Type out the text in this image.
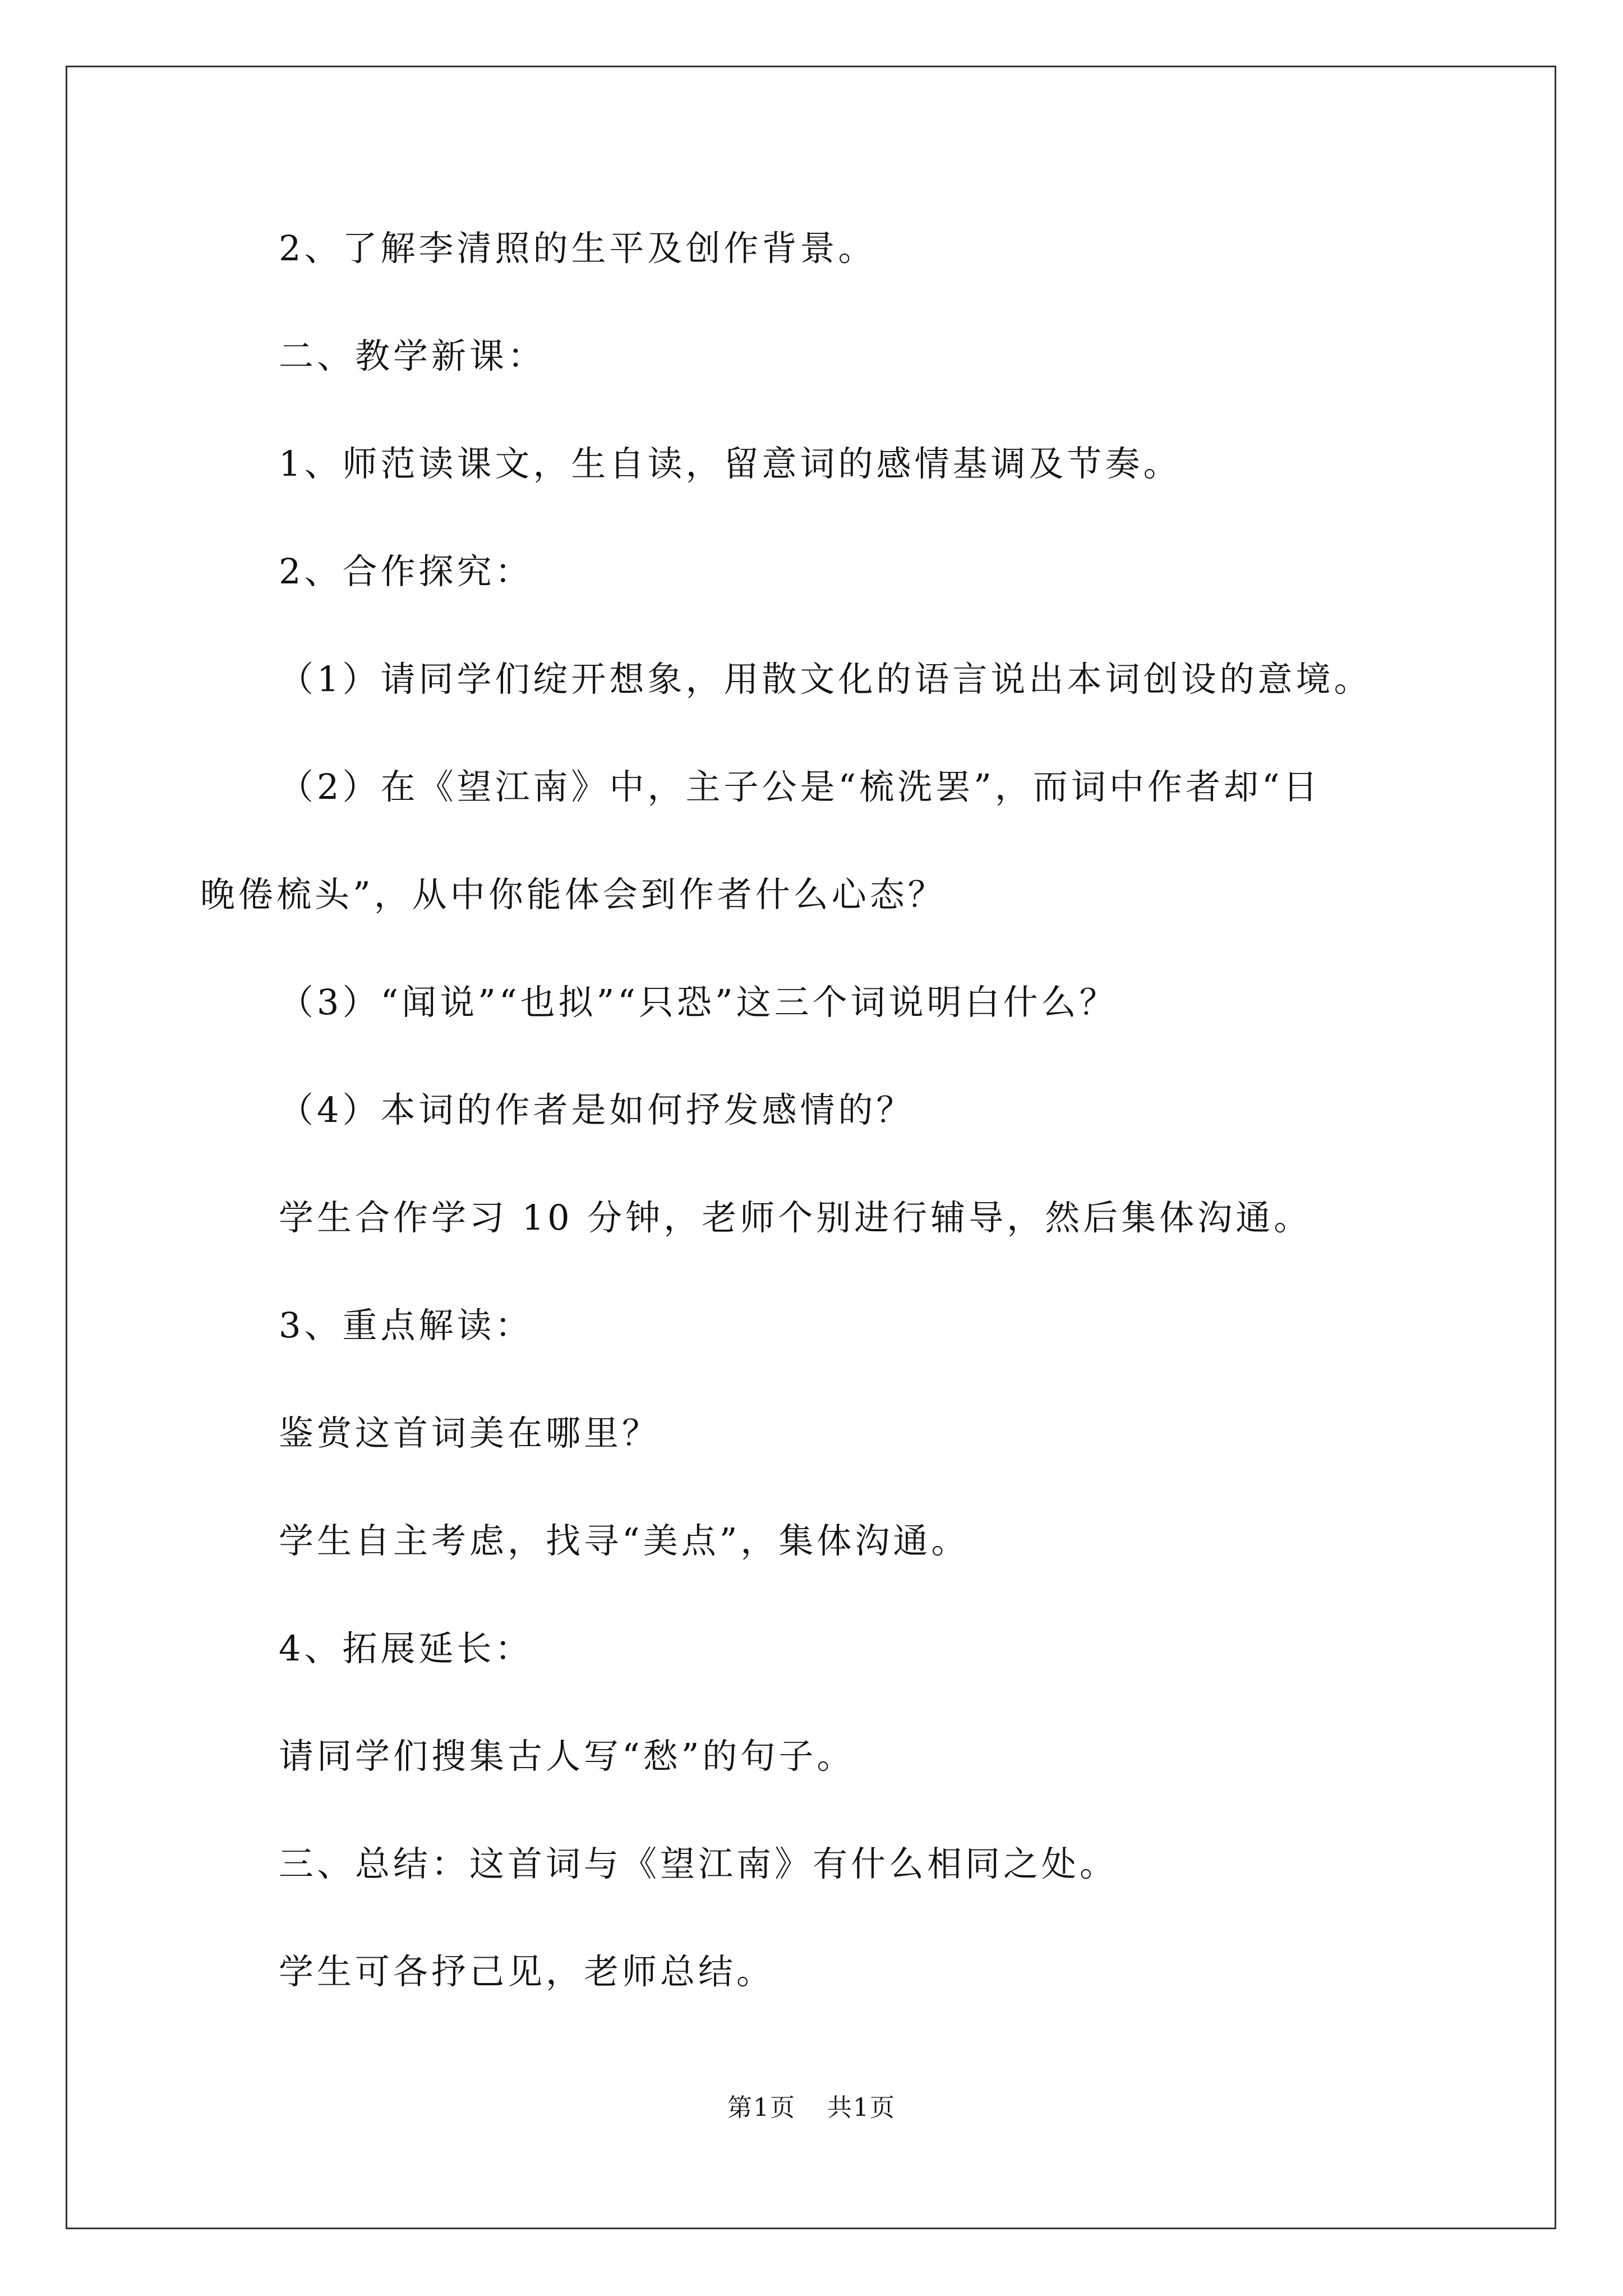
2、了解李清照的生平及创作背景。
二、教学新课：
1、师范读课文，生自读，留意词的感情基调及节奏。
2、合作探究：
（1）请同学们绽开想象，用散文化的语言说出本词创设的意境。
（2）在《望江南》中，主子公是“梳洗罢”，而词中作者却“日
晚倦梳头”，从中你能体会到作者什么心态？
（3）“闻说”“也拟”“只恐”这三个词说明白什么？
（4）本词的作者是如何抒发感情的？
学生合作学习 10 分钟，老师个别进行辅导，然后集体沟通。
3、重点解读：
鉴赏这首词美在哪里？
学生自主考虑，找寻“美点”，集体沟通。
4、拓展延长：
请同学们搜集古人写“愁”的句子。
三、总结：这首词与《望江南》有什么相同之处。
学生可各抒己见，老师总结。
第1页 共1页
